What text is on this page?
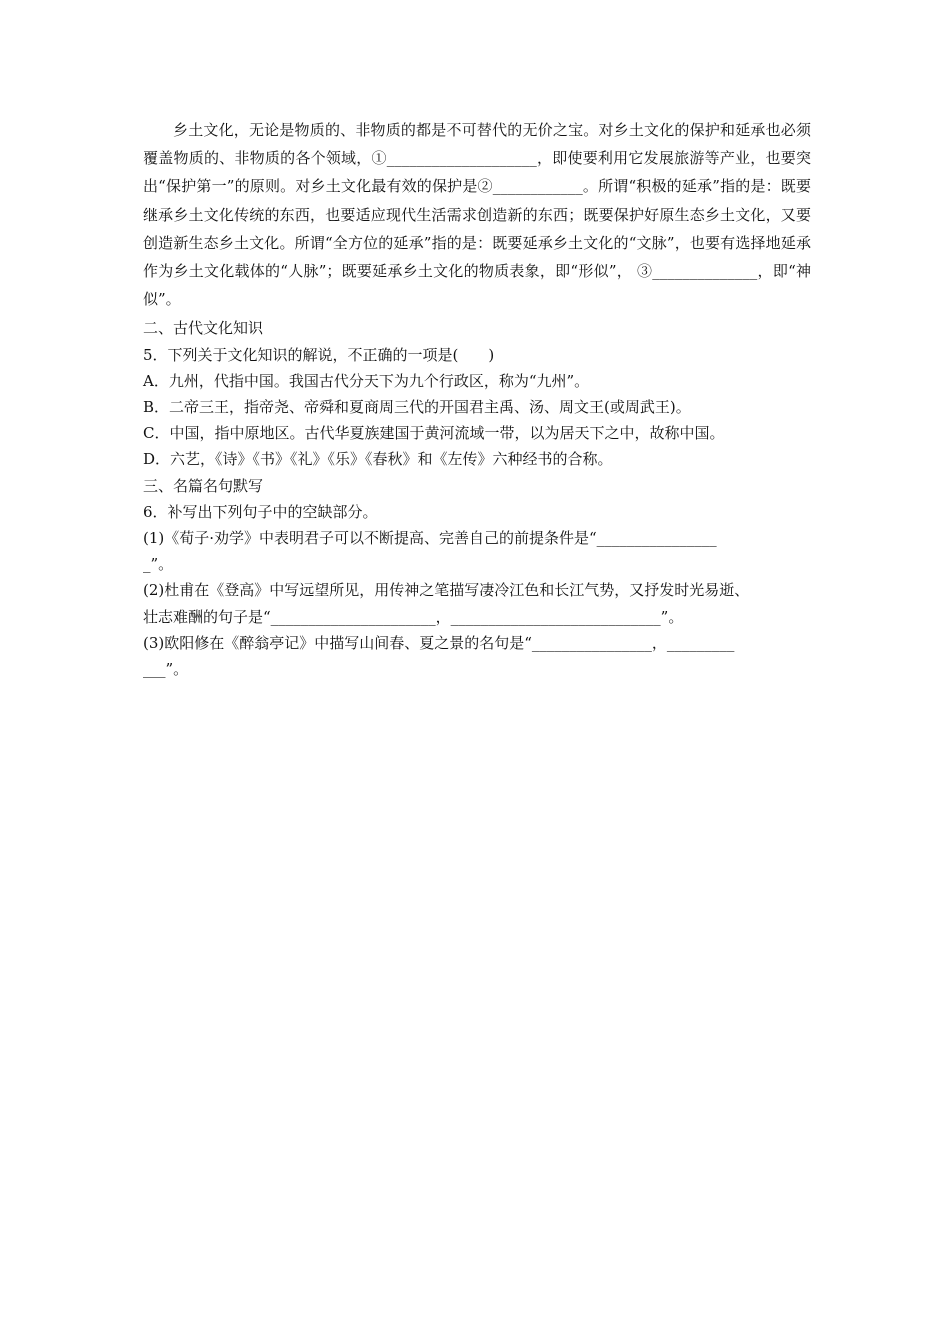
乡土文化，无论是物质的、非物质的都是不可替代的无价之宝。对乡土文化的保护和延承也必须覆盖物质的、非物质的各个领域，①____________________，即使要利用它发展旅游等产业，也要突出“保护第一”的原则。对乡土文化最有效的保护是②____________。所谓“积极的延承”指的是：既要继承乡土文化传统的东西，也要适应现代生活需求创造新的东西；既要保护好原生态乡土文化，又要创造新生态乡土文化。所谓“全方位的延承”指的是：既要延承乡土文化的“文脉”，也要有选择地延承作为乡土文化载体的“人脉”；既要延承乡土文化的物质表象，即“形似”， ③______________，即“神似”。

二、古代文化知识

5．下列关于文化知识的解说，不正确的一项是(　　)

A．九州，代指中国。我国古代分天下为九个行政区，称为“九州”。

B．二帝三王，指帝尧、帝舜和夏商周三代的开国君主禹、汤、周文王(或周武王)。

C．中国，指中原地区。古代华夏族建国于黄河流域一带，以为居天下之中，故称中国。

D．六艺，《诗》《书》《礼》《乐》《春秋》和《左传》六种经书的合称。

三、名篇名句默写

6．补写出下列句子中的空缺部分。

(1)《荀子·劝学》中表明君子可以不断提高、完善自己的前提条件是“________________

_”。

(2)杜甫在《登高》中写远望所见，用传神之笔描写凄冷江色和长江气势，又抒发时光易逝、

壮志难酬的句子是“______________________，____________________________”。

(3)欧阳修在《醉翁亭记》中描写山间春、夏之景的名句是“________________，_________

___”。
